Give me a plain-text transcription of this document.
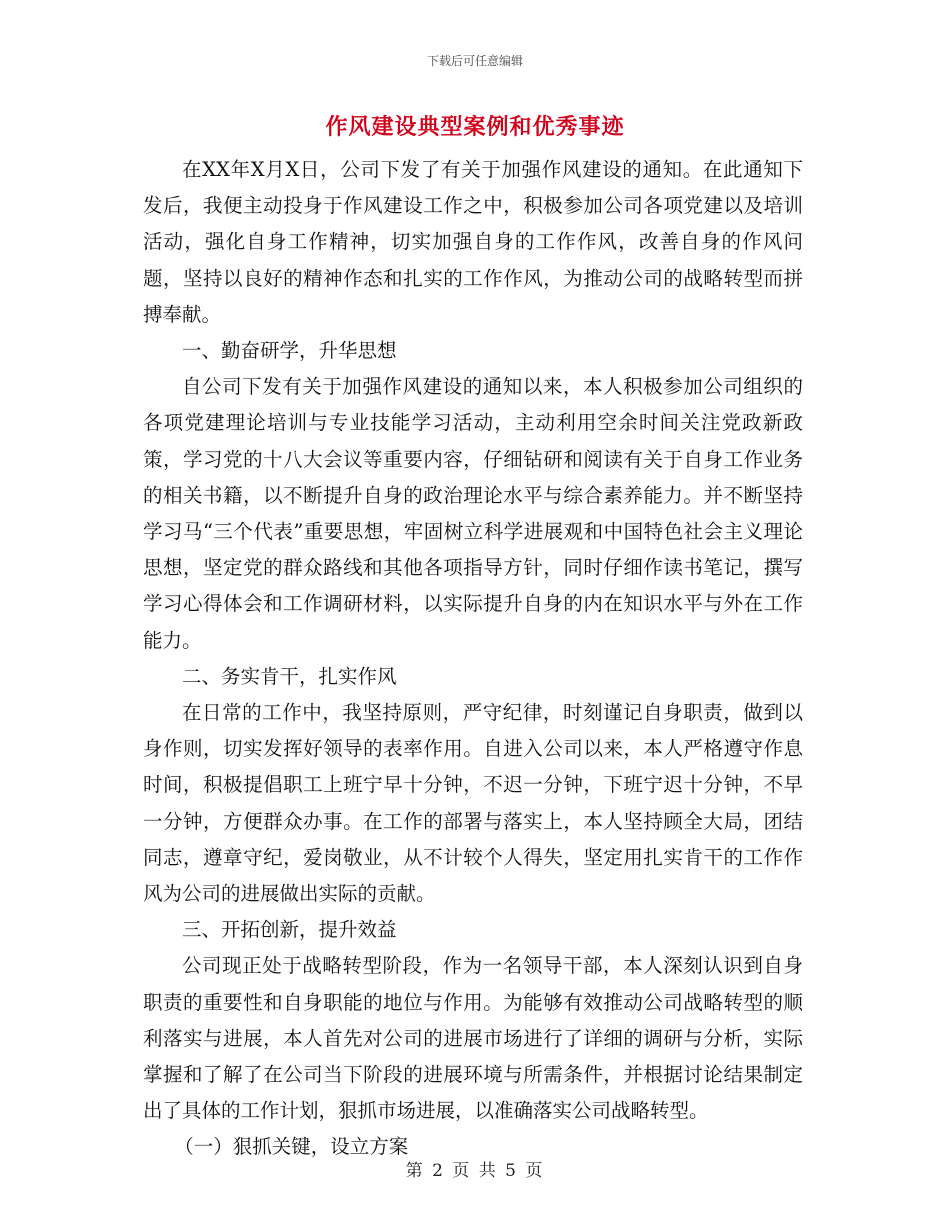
下载后可任意编辑
作风建设典型案例和优秀事迹

在XX年X月X日，公司下发了有关于加强作风建设的通知。在此通知下发后，我便主动投身于作风建设工作之中，积极参加公司各项党建以及培训活动，强化自身工作精神，切实加强自身的工作作风，改善自身的作风问题，坚持以良好的精神作态和扎实的工作作风，为推动公司的战略转型而拼搏奉献。

一、勤奋研学，升华思想

自公司下发有关于加强作风建设的通知以来，本人积极参加公司组织的各项党建理论培训与专业技能学习活动，主动利用空余时间关注党政新政策，学习党的十八大会议等重要内容，仔细钻研和阅读有关于自身工作业务的相关书籍，以不断提升自身的政治理论水平与综合素养能力。并不断坚持学习马“三个代表”重要思想，牢固树立科学进展观和中国特色社会主义理论思想，坚定党的群众路线和其他各项指导方针，同时仔细作读书笔记，撰写学习心得体会和工作调研材料，以实际提升自身的内在知识水平与外在工作能力。

二、务实肯干，扎实作风

在日常的工作中，我坚持原则，严守纪律，时刻谨记自身职责，做到以身作则，切实发挥好领导的表率作用。自进入公司以来，本人严格遵守作息时间，积极提倡职工上班宁早十分钟，不迟一分钟，下班宁迟十分钟，不早一分钟，方便群众办事。在工作的部署与落实上，本人坚持顾全大局，团结同志，遵章守纪，爱岗敬业，从不计较个人得失，坚定用扎实肯干的工作作风为公司的进展做出实际的贡献。

三、开拓创新，提升效益

公司现正处于战略转型阶段，作为一名领导干部，本人深刻认识到自身职责的重要性和自身职能的地位与作用。为能够有效推动公司战略转型的顺利落实与进展，本人首先对公司的进展市场进行了详细的调研与分析，实际掌握和了解了在公司当下阶段的进展环境与所需条件，并根据讨论结果制定出了具体的工作计划，狠抓市场进展，以准确落实公司战略转型。

（一）狠抓关键，设立方案

第 2 页 共 5 页
